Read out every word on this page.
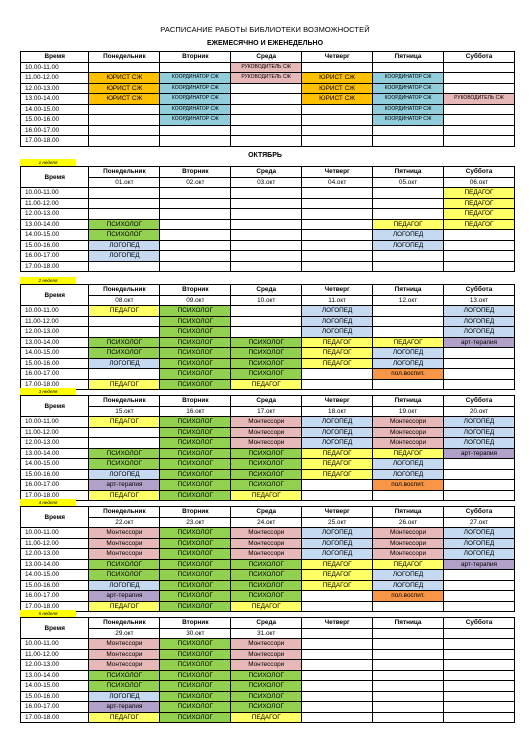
РАСПИСАНИЕ РАБОТЫ БИБЛИОТЕКИ ВОЗМОЖНОСТЕЙ
ЕЖЕМЕСЯЧНО И ЕЖЕНЕДЕЛЬНО
ОКТЯБРЬ
Время	Понедельник	Вторник	Среда	Четверг	Пятница	Суббота
10.00-11.00			РУКОВОДИТЕЛЬ СЖ			
11.00-12.00	ЮРИСТ СЖ	КООРДИНАТОР СЖ	РУКОВОДИТЕЛЬ СЖ	ЮРИСТ СЖ	КООРДИНАТОР СЖ	
12.00-13.00	ЮРИСТ СЖ	КООРДИНАТОР СЖ		ЮРИСТ СЖ	КООРДИНАТОР СЖ	
13.00-14.00	ЮРИСТ СЖ	КООРДИНАТОР СЖ		ЮРИСТ СЖ	КООРДИНАТОР СЖ	РУКОВОДИТЕЛЬ СЖ
14.00-15.00		КООРДИНАТОР СЖ			КООРДИНАТОР СЖ	
15.00-16.00		КООРДИНАТОР СЖ			КООРДИНАТОР СЖ	
16.00-17.00						
17.00-18.00						
1 неделя
Время	Понедельник	Вторник	Среда	Четверг	Пятница	Суббота
	01.окт	02.окт	03.окт	04.окт	05.окт	06.окт
10.00-11.00						ПЕДАГОГ
11.00-12.00						ПЕДАГОГ
12.00-13.00						ПЕДАГОГ
13.00-14.00	ПСИХОЛОГ				ПЕДАГОГ	ПЕДАГОГ
14.00-15.00	ПСИХОЛОГ				ЛОГОПЕД	
15.00-16.00	ЛОГОПЕД				ЛОГОПЕД	
16.00-17.00	ЛОГОПЕД					
17.00-18.00						
2 неделя
Время	Понедельник	Вторник	Среда	Четверг	Пятница	Суббота
	08.окт	09.окт	10.окт	11.окт	12.окт	13.окт
10.00-11.00	ПЕДАГОГ	ПСИХОЛОГ		ЛОГОПЕД		ЛОГОПЕД
11.00-12.00		ПСИХОЛОГ		ЛОГОПЕД		ЛОГОПЕД
12.00-13.00		ПСИХОЛОГ		ЛОГОПЕД		ЛОГОПЕД
13.00-14.00	ПСИХОЛОГ	ПСИХОЛОГ	ПСИХОЛОГ	ПЕДАГОГ	ПЕДАГОГ	арт-терапия
14.00-15.00	ПСИХОЛОГ	ПСИХОЛОГ	ПСИХОЛОГ	ПЕДАГОГ	ЛОГОПЕД	
15.00-16.00	ЛОГОПЕД	ПСИХОЛОГ	ПСИХОЛОГ	ПЕДАГОГ	ЛОГОПЕД	
16.00-17.00		ПСИХОЛОГ	ПСИХОЛОГ		пол.воспит.	
17.00-18.00	ПЕДАГОГ	ПСИХОЛОГ	ПЕДАГОГ			
3 неделя
Время	Понедельник	Вторник	Среда	Четверг	Пятница	Суббота
	15.окт	16.окт	17.окт	18.окт	19.окт	20.окт
10.00-11.00	ПЕДАГОГ	ПСИХОЛОГ	Монтессори	ЛОГОПЕД	Монтессори	ЛОГОПЕД
11.00-12.00		ПСИХОЛОГ	Монтессори	ЛОГОПЕД	Монтессори	ЛОГОПЕД
12.00-13.00		ПСИХОЛОГ	Монтессори	ЛОГОПЕД	Монтессори	ЛОГОПЕД
13.00-14.00	ПСИХОЛОГ	ПСИХОЛОГ	ПСИХОЛОГ	ПЕДАГОГ	ПЕДАГОГ	арт-терапия
14.00-15.00	ПСИХОЛОГ	ПСИХОЛОГ	ПСИХОЛОГ	ПЕДАГОГ	ЛОГОПЕД	
15.00-16.00	ЛОГОПЕД	ПСИХОЛОГ	ПСИХОЛОГ	ПЕДАГОГ	ЛОГОПЕД	
16.00-17.00	арт-терапия	ПСИХОЛОГ	ПСИХОЛОГ		пол.воспит.	
17.00-18.00	ПЕДАГОГ	ПСИХОЛОГ	ПЕДАГОГ			
4 неделя
Время	Понедельник	Вторник	Среда	Четверг	Пятница	Суббота
	22.окт	23.окт	24.окт	25.окт	26.окт	27.окт
10.00-11.00	Монтессори	ПСИХОЛОГ	Монтессори	ЛОГОПЕД	Монтессори	ЛОГОПЕД
11.00-12.00	Монтессори	ПСИХОЛОГ	Монтессори	ЛОГОПЕД	Монтессори	ЛОГОПЕД
12.00-13.00	Монтессори	ПСИХОЛОГ	Монтессори	ЛОГОПЕД	Монтессори	ЛОГОПЕД
13.00-14.00	ПСИХОЛОГ	ПСИХОЛОГ	ПСИХОЛОГ	ПЕДАГОГ	ПЕДАГОГ	арт-терапия
14.00-15.00	ПСИХОЛОГ	ПСИХОЛОГ	ПСИХОЛОГ	ПЕДАГОГ	ЛОГОПЕД	
15.00-16.00	ЛОГОПЕД	ПСИХОЛОГ	ПСИХОЛОГ	ПЕДАГОГ	ЛОГОПЕД	
16.00-17.00	арт-терапия	ПСИХОЛОГ	ПСИХОЛОГ		пол.воспит.	
17.00-18.00	ПЕДАГОГ	ПСИХОЛОГ	ПЕДАГОГ			
5 неделя
Время	Понедельник	Вторник	Среда	Четверг	Пятница	Суббота
	29.окт	30.окт	31.окт			
10.00-11.00	Монтессори	ПСИХОЛОГ	Монтессори			
11.00-12.00	Монтессори	ПСИХОЛОГ	Монтессори			
12.00-13.00	Монтессори	ПСИХОЛОГ	Монтессори			
13.00-14.00	ПСИХОЛОГ	ПСИХОЛОГ	ПСИХОЛОГ			
14.00-15.00	ПСИХОЛОГ	ПСИХОЛОГ	ПСИХОЛОГ			
15.00-16.00	ЛОГОПЕД	ПСИХОЛОГ	ПСИХОЛОГ			
16.00-17.00	арт-терапия	ПСИХОЛОГ	ПСИХОЛОГ			
17.00-18.00	ПЕДАГОГ	ПСИХОЛОГ	ПЕДАГОГ			
